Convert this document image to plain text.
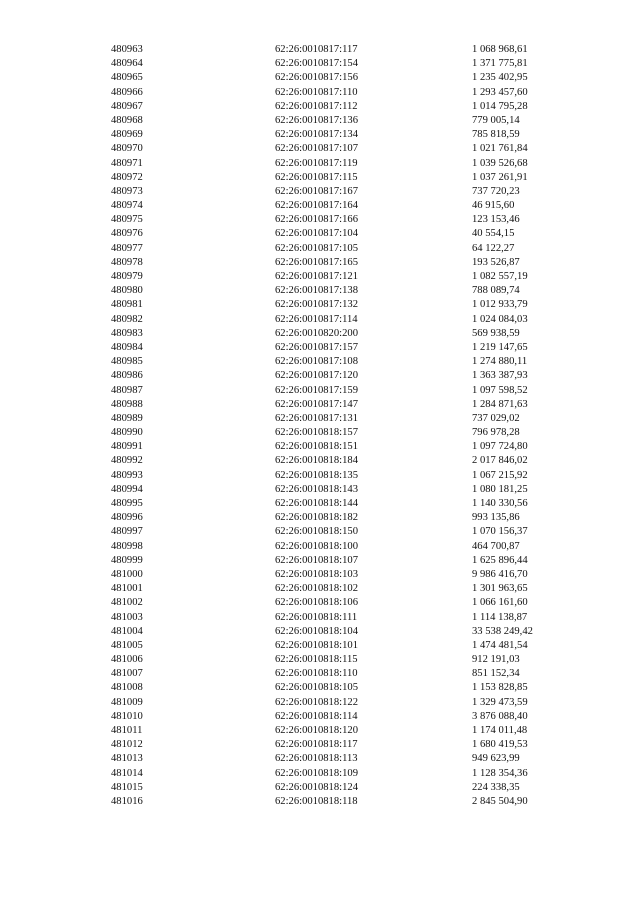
480963	62:26:0010817:117	1 068 968,61
480964	62:26:0010817:154	1 371 775,81
480965	62:26:0010817:156	1 235 402,95
480966	62:26:0010817:110	1 293 457,60
480967	62:26:0010817:112	1 014 795,28
480968	62:26:0010817:136	779 005,14
480969	62:26:0010817:134	785 818,59
480970	62:26:0010817:107	1 021 761,84
480971	62:26:0010817:119	1 039 526,68
480972	62:26:0010817:115	1 037 261,91
480973	62:26:0010817:167	737 720,23
480974	62:26:0010817:164	46 915,60
480975	62:26:0010817:166	123 153,46
480976	62:26:0010817:104	40 554,15
480977	62:26:0010817:105	64 122,27
480978	62:26:0010817:165	193 526,87
480979	62:26:0010817:121	1 082 557,19
480980	62:26:0010817:138	788 089,74
480981	62:26:0010817:132	1 012 933,79
480982	62:26:0010817:114	1 024 084,03
480983	62:26:0010820:200	569 938,59
480984	62:26:0010817:157	1 219 147,65
480985	62:26:0010817:108	1 274 880,11
480986	62:26:0010817:120	1 363 387,93
480987	62:26:0010817:159	1 097 598,52
480988	62:26:0010817:147	1 284 871,63
480989	62:26:0010817:131	737 029,02
480990	62:26:0010818:157	796 978,28
480991	62:26:0010818:151	1 097 724,80
480992	62:26:0010818:184	2 017 846,02
480993	62:26:0010818:135	1 067 215,92
480994	62:26:0010818:143	1 080 181,25
480995	62:26:0010818:144	1 140 330,56
480996	62:26:0010818:182	993 135,86
480997	62:26:0010818:150	1 070 156,37
480998	62:26:0010818:100	464 700,87
480999	62:26:0010818:107	1 625 896,44
481000	62:26:0010818:103	9 986 416,70
481001	62:26:0010818:102	1 301 963,65
481002	62:26:0010818:106	1 066 161,60
481003	62:26:0010818:111	1 114 138,87
481004	62:26:0010818:104	33 538 249,42
481005	62:26:0010818:101	1 474 481,54
481006	62:26:0010818:115	912 191,03
481007	62:26:0010818:110	851 152,34
481008	62:26:0010818:105	1 153 828,85
481009	62:26:0010818:122	1 329 473,59
481010	62:26:0010818:114	3 876 088,40
481011	62:26:0010818:120	1 174 011,48
481012	62:26:0010818:117	1 680 419,53
481013	62:26:0010818:113	949 623,99
481014	62:26:0010818:109	1 128 354,36
481015	62:26:0010818:124	224 338,35
481016	62:26:0010818:118	2 845 504,90
